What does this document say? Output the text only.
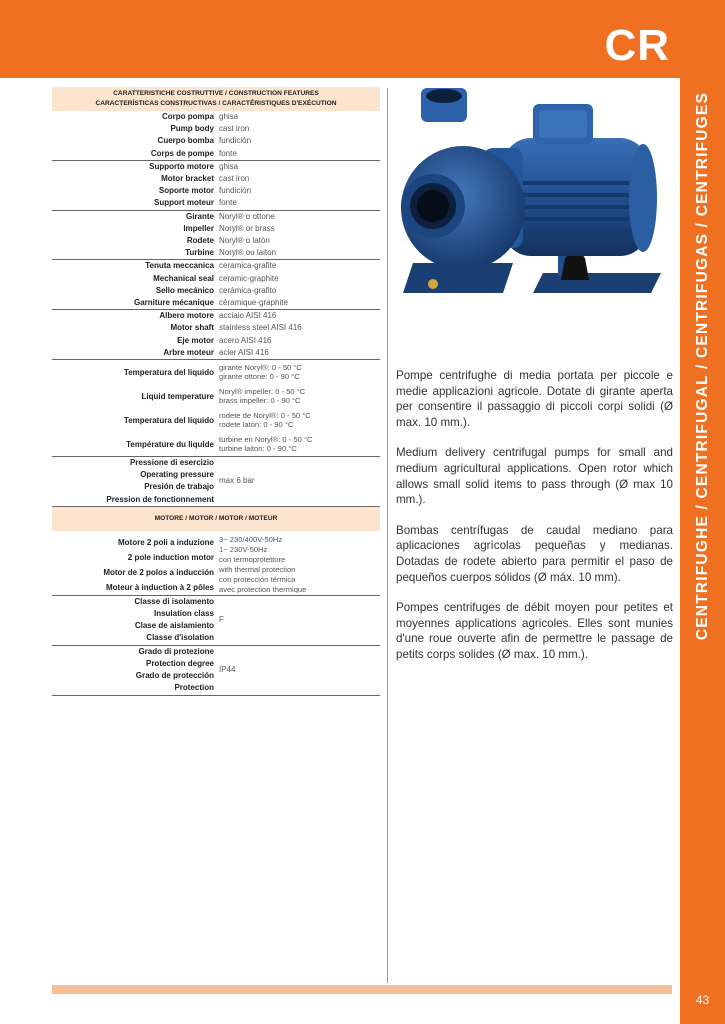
CR
CENTRIFUGHE / CENTRIFUGAL / CENTRIFUGAS / CENTRIFUGES
43
CARATTERISTICHE COSTRUTTIVE / CONSTRUCTION FEATURES
CARACTERÍSTICAS CONSTRUCTIVAS / CARACTÉRISTIQUES D'EXÉCUTION
Corpo pompa
Pump body
Cuerpo bomba
Corps de pompe
ghisa
cast iron
fundición
fonte
Supporto motore
Motor bracket
Soporte motor
Support moteur
ghisa
cast iron
fundición
fonte
Girante
Impeller
Rodete
Turbine
Noryl® o ottone
Noryl® or brass
Noryl® o latón
Noryl® ou laiton
Tenuta meccanica
Mechanical seal
Sello mecánico
Garniture mécanique
ceramica-grafite
ceramic-graphite
cerámica-grafito
céramique-graphite
Albero motore
Motor shaft
Eje motor
Arbre moteur
acciaio AISI 416
stainless steel AISI 416
acero AISI 416
acier AISI 416
Temperatura del liquido
girante Noryl®: 0 - 50 °C
girante ottone: 0 - 90 °C
Liquid temperature
Noryl® impeller: 0 - 50 °C
brass impeller: 0 - 90 °C
Temperatura del líquido
rodete de Noryl®: 0 - 50 °C
rodete latón: 0 - 90 °C
Température du liquide
turbine en Noryl®: 0 - 50 °C
turbine laiton: 0 - 90 °C
Pressione di esercizio
Operating pressure
Presión de trabajo
Pression de fonctionnement
max 6 bar
MOTORE / MOTOR / MOTOR / MOTEUR
Motore 2 poli a induzione
2 pole induction motor
Motor de 2 polos a inducción
Moteur à induction à 2 pôles
3~ 230/400V-50Hz
1~ 230V-50Hz
con termoprotettore
with thermal protection
con protección térmica
avec protection thermique
Classe di isolamento
Insulation class
Clase de aislamiento
Classe d'isolation
F
Grado di protezione
Protection degree
Grado de protección
Protection
IP44

Pompe centrifughe di media portata per piccole e medie applicazioni agricole. Dotate di girante aperta per consentire il passaggio di piccoli corpi solidi (Ø max. 10 mm.).

Medium delivery centrifugal pumps for small and medium agricultural applications. Open rotor which allows small solid items to pass through (Ø max 10 mm.).

Bombas centrífugas de caudal mediano para aplicaciones agrícolas pequeñas y medianas. Dotadas de rodete abierto para permitir el paso de pequeños cuerpos sólidos (Ø máx. 10 mm).

Pompes centrifuges de débit moyen pour petites et moyennes applications agricoles. Elles sont munies d'une roue ouverte afin de permettre le passage de petits corps solides (Ø max. 10 mm.).
